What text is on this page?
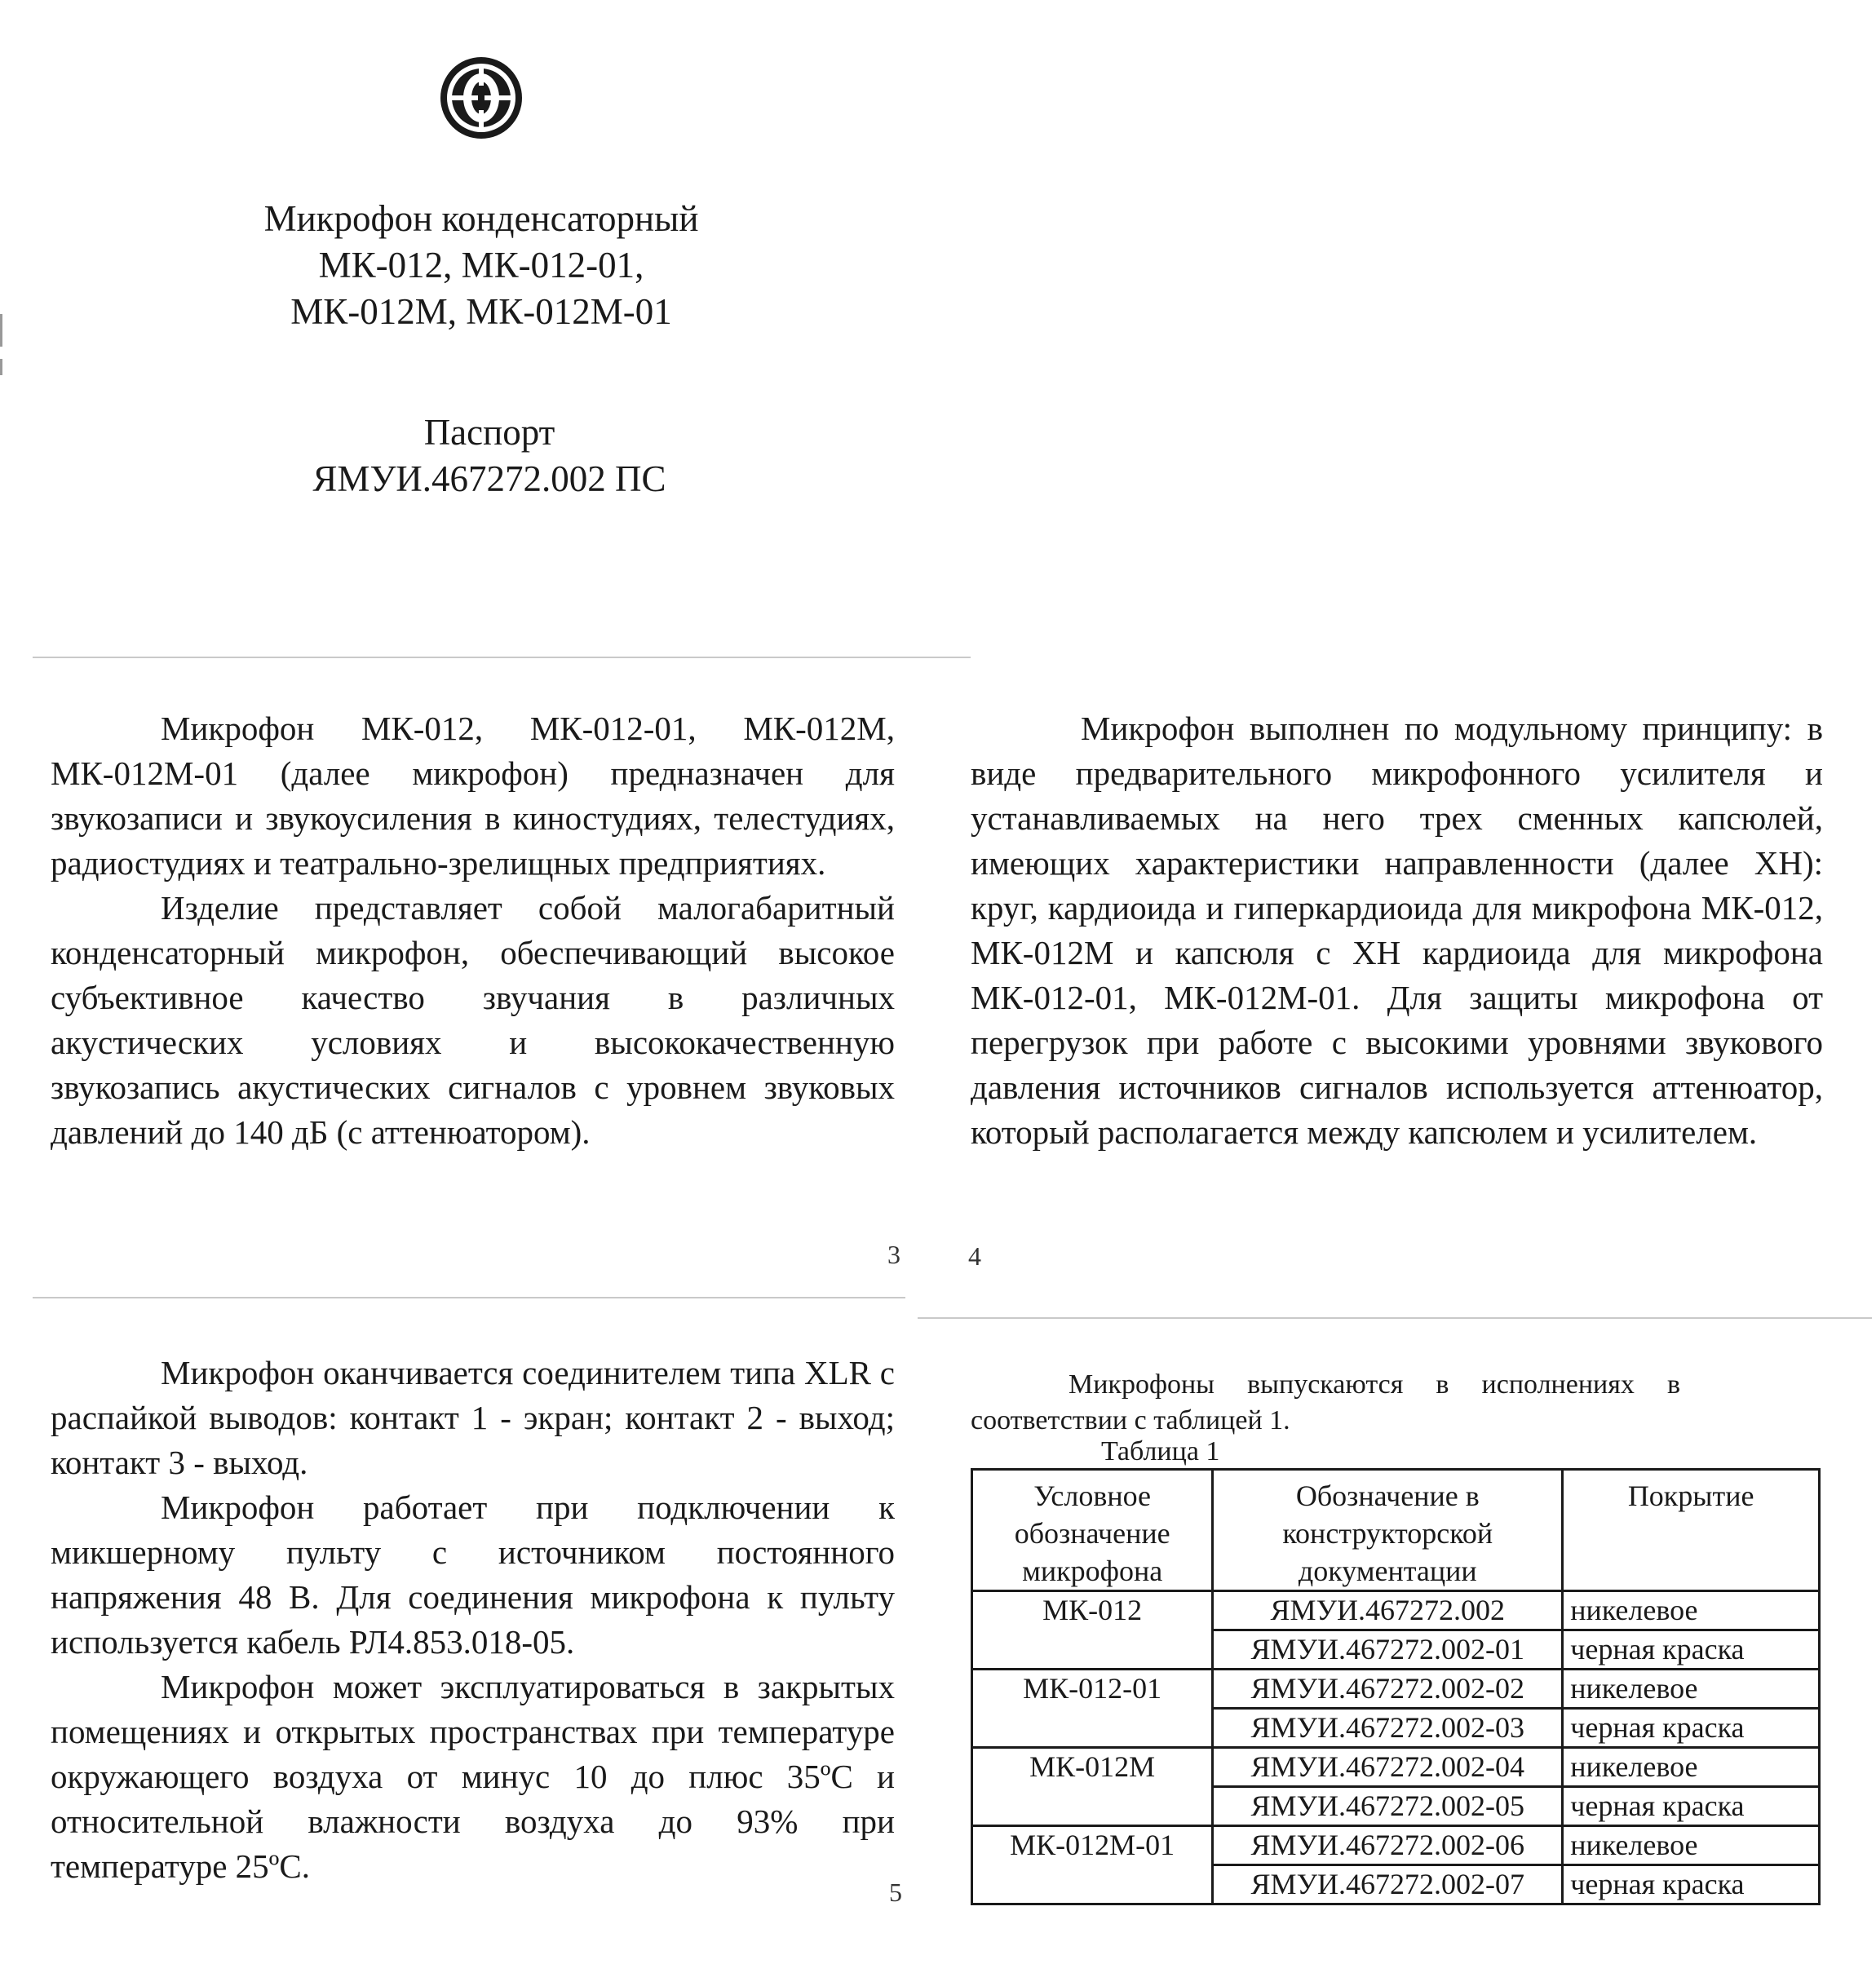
Микрофон конденсаторный
МК-012, МК-012-01,
МК-012М, МК-012М-01
Паспорт
ЯМУИ.467272.002 ПС

Микрофон МК-012, МК-012-01, МК-012М, МК-012М-01 (далее микрофон) предназначен для звукозаписи и звукоусиления в киностудиях, телестудиях, радиостудиях и театрально-зрелищных предприятиях.

Изделие представляет собой малогабаритный конденсаторный микрофон, обеспечивающий высокое субъективное качество звучания в различных акустических условиях и высококачественную звукозапись акустических сигналов с уровнем звуковых давлений до 140 дБ (с аттенюатором).

3

Микрофон выполнен по модульному принципу: в виде предварительного микрофонного усилителя и устанавливаемых на него трех сменных капсюлей, имеющих характеристики направленности (далее ХН): круг, кардиоида и гиперкардиоида для микрофона МК-012, МК-012М и капсюля с ХН кардиоида для микрофона МК-012-01, МК-012М-01. Для защиты микрофона от перегрузок при работе с высокими уровнями звукового давления источников сигналов используется аттенюатор, который располагается между капсюлем и усилителем.

4

Микрофон оканчивается соединителем типа XLR с распайкой выводов: контакт 1 - экран; контакт 2 - выход; контакт 3 - выход.

Микрофон работает при подключении к микшерному пульту с источником постоянного напряжения 48 В. Для соединения микрофона к пульту используется кабель РЛ4.853.018-05.

Микрофон может эксплуатироваться в закрытых помещениях и открытых пространствах при температуре окружающего воздуха от минус 10 до плюс 35ºС и относительной влажности воздуха до 93% при температуре 25ºС.

5

Микрофоны выпускаются в исполнениях в соответствии с таблицей 1.

Таблица 1
Условное обозначение микрофона	Обозначение в конструкторской документации	Покрытие
МК-012	ЯМУИ.467272.002	никелевое
	ЯМУИ.467272.002-01	черная краска
МК-012-01	ЯМУИ.467272.002-02	никелевое
	ЯМУИ.467272.002-03	черная краска
МК-012М	ЯМУИ.467272.002-04	никелевое
	ЯМУИ.467272.002-05	черная краска
МК-012М-01	ЯМУИ.467272.002-06	никелевое
	ЯМУИ.467272.002-07	черная краска
